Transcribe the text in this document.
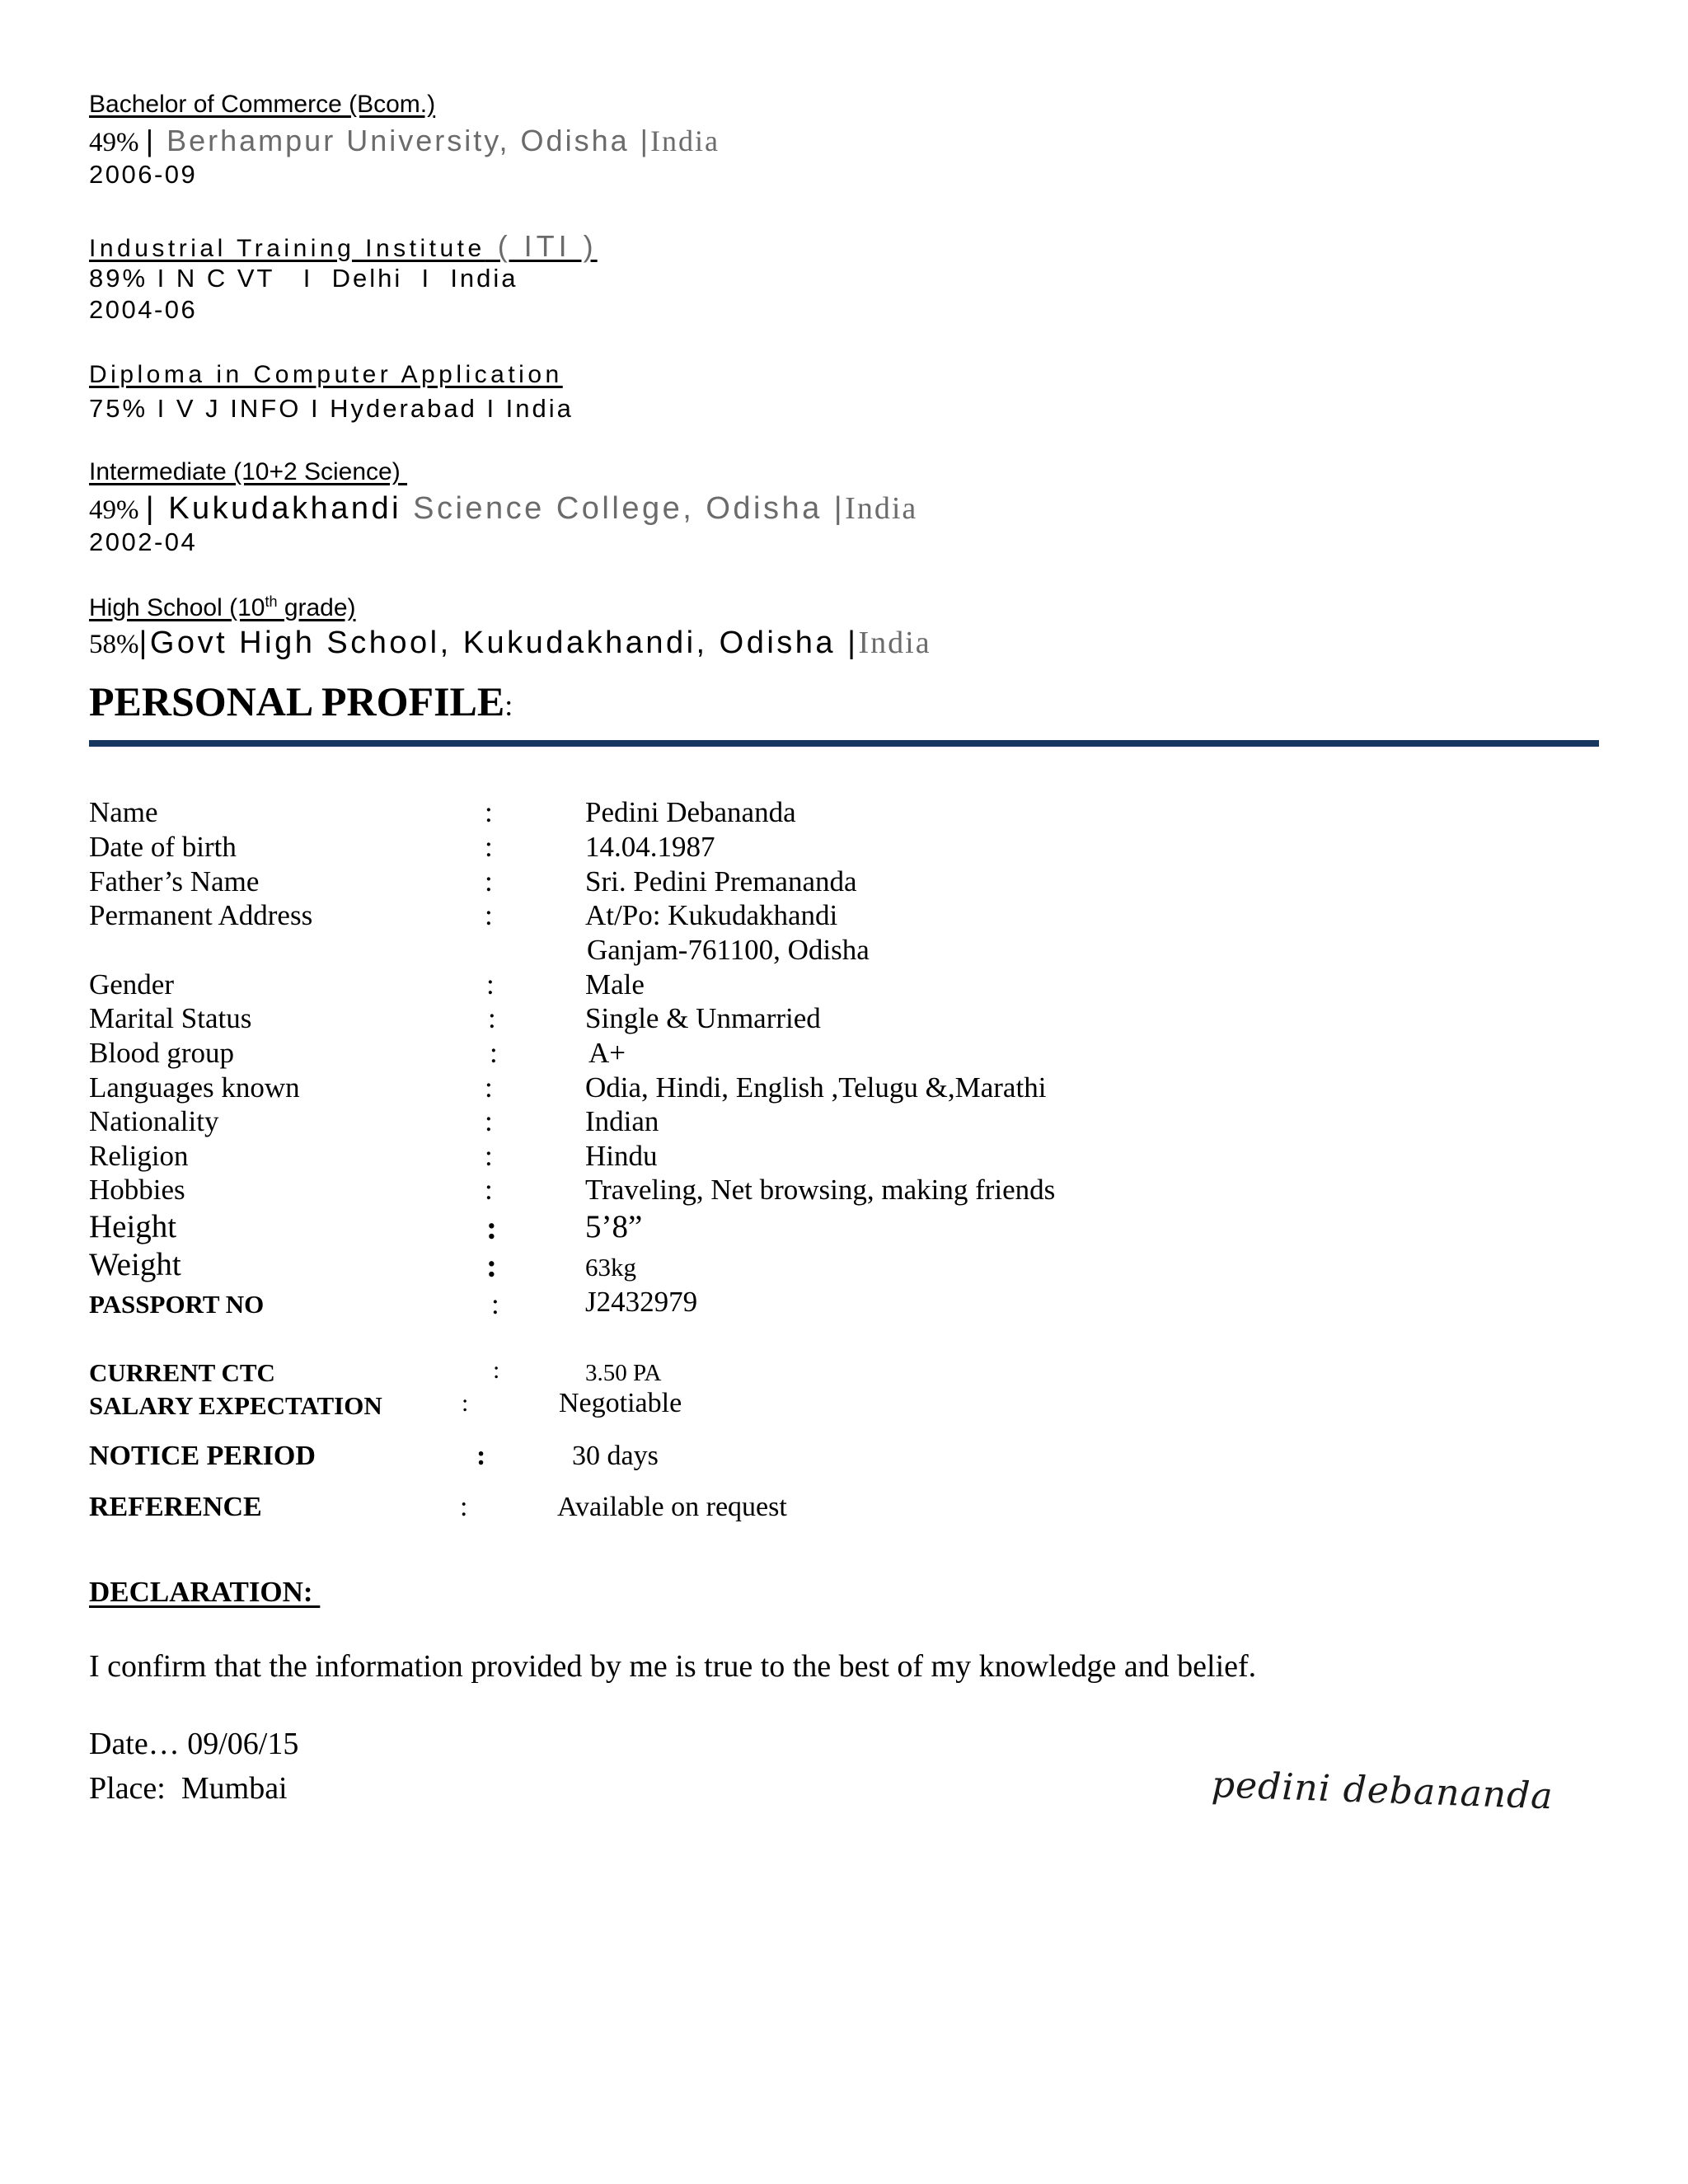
Bachelor of Commerce (Bcom.)
49% | Berhampur University, Odisha |India
2006-09
Industrial Training Institute ( ITI )
89% I N C VT   I  Delhi  I  India
2004-06
Diploma in Computer Application
75% I V J INFO I Hyderabad I India
Intermediate (10+2 Science)
49% | Kukudakhandi Science College, Odisha |India
2002-04
High School (10th grade)
58%|Govt High School, Kukudakhandi, Odisha |India
PERSONAL PROFILE:
Name	:	Pedini Debananda
Date of birth	:	14.04.1987
Father’s Name	:	Sri. Pedini Premananda
Permanent Address	:	At/Po: Kukudakhandi
Ganjam-761100, Odisha
Gender	:	Male
Marital Status	:	Single & Unmarried
Blood group	:	A+
Languages known	:	Odia, Hindi, English ,Telugu &,Marathi
Nationality	:	Indian
Religion	:	Hindu
Hobbies	:	Traveling, Net browsing, making friends
Height	:	5’8”
Weight	:	63kg
PASSPORT NO	:	J2432979
CURRENT CTC	:	3.50 PA
SALARY EXPECTATION	:	Negotiable
NOTICE PERIOD	:	30 days
REFERENCE	:	Available on request
DECLARATION:
I confirm that the information provided by me is true to the best of my knowledge and belief.
Date… 09/06/15
Place:  Mumbai	pedini debananda
